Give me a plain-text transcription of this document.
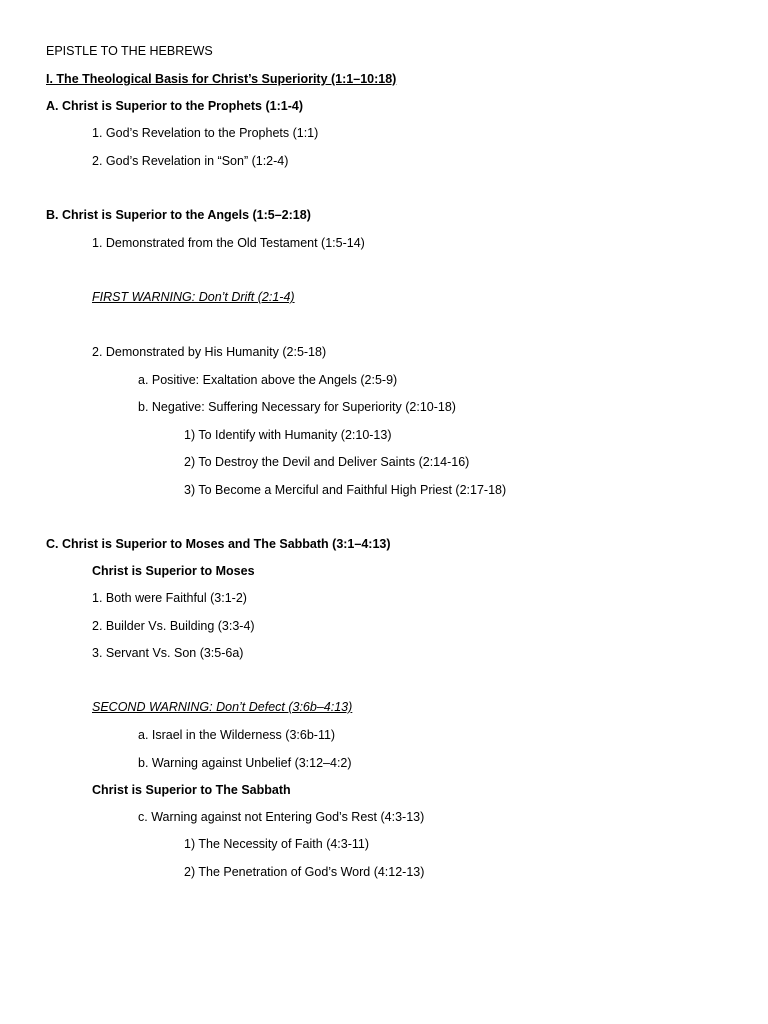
EPISTLE TO THE HEBREWS
I. The Theological Basis for Christ’s Superiority (1:1–10:18)
A. Christ is Superior to the Prophets (1:1-4)
1. God’s Revelation to the Prophets (1:1)
2. God’s Revelation in “Son” (1:2-4)
B. Christ is Superior to the Angels (1:5–2:18)
1. Demonstrated from the Old Testament (1:5-14)
FIRST WARNING: Don’t Drift (2:1-4)
2. Demonstrated by His Humanity (2:5-18)
a. Positive: Exaltation above the Angels (2:5-9)
b. Negative: Suffering Necessary for Superiority (2:10-18)
1) To Identify with Humanity (2:10-13)
2) To Destroy the Devil and Deliver Saints (2:14-16)
3) To Become a Merciful and Faithful High Priest (2:17-18)
C. Christ is Superior to Moses and The Sabbath (3:1–4:13)
Christ is Superior to Moses
1. Both were Faithful (3:1-2)
2. Builder Vs. Building (3:3-4)
3. Servant Vs. Son (3:5-6a)
SECOND WARNING: Don’t Defect (3:6b–4:13)
a. Israel in the Wilderness (3:6b-11)
b. Warning against Unbelief (3:12–4:2)
Christ is Superior to The Sabbath
c. Warning against not Entering God’s Rest (4:3-13)
1) The Necessity of Faith (4:3-11)
2) The Penetration of God’s Word (4:12-13)
